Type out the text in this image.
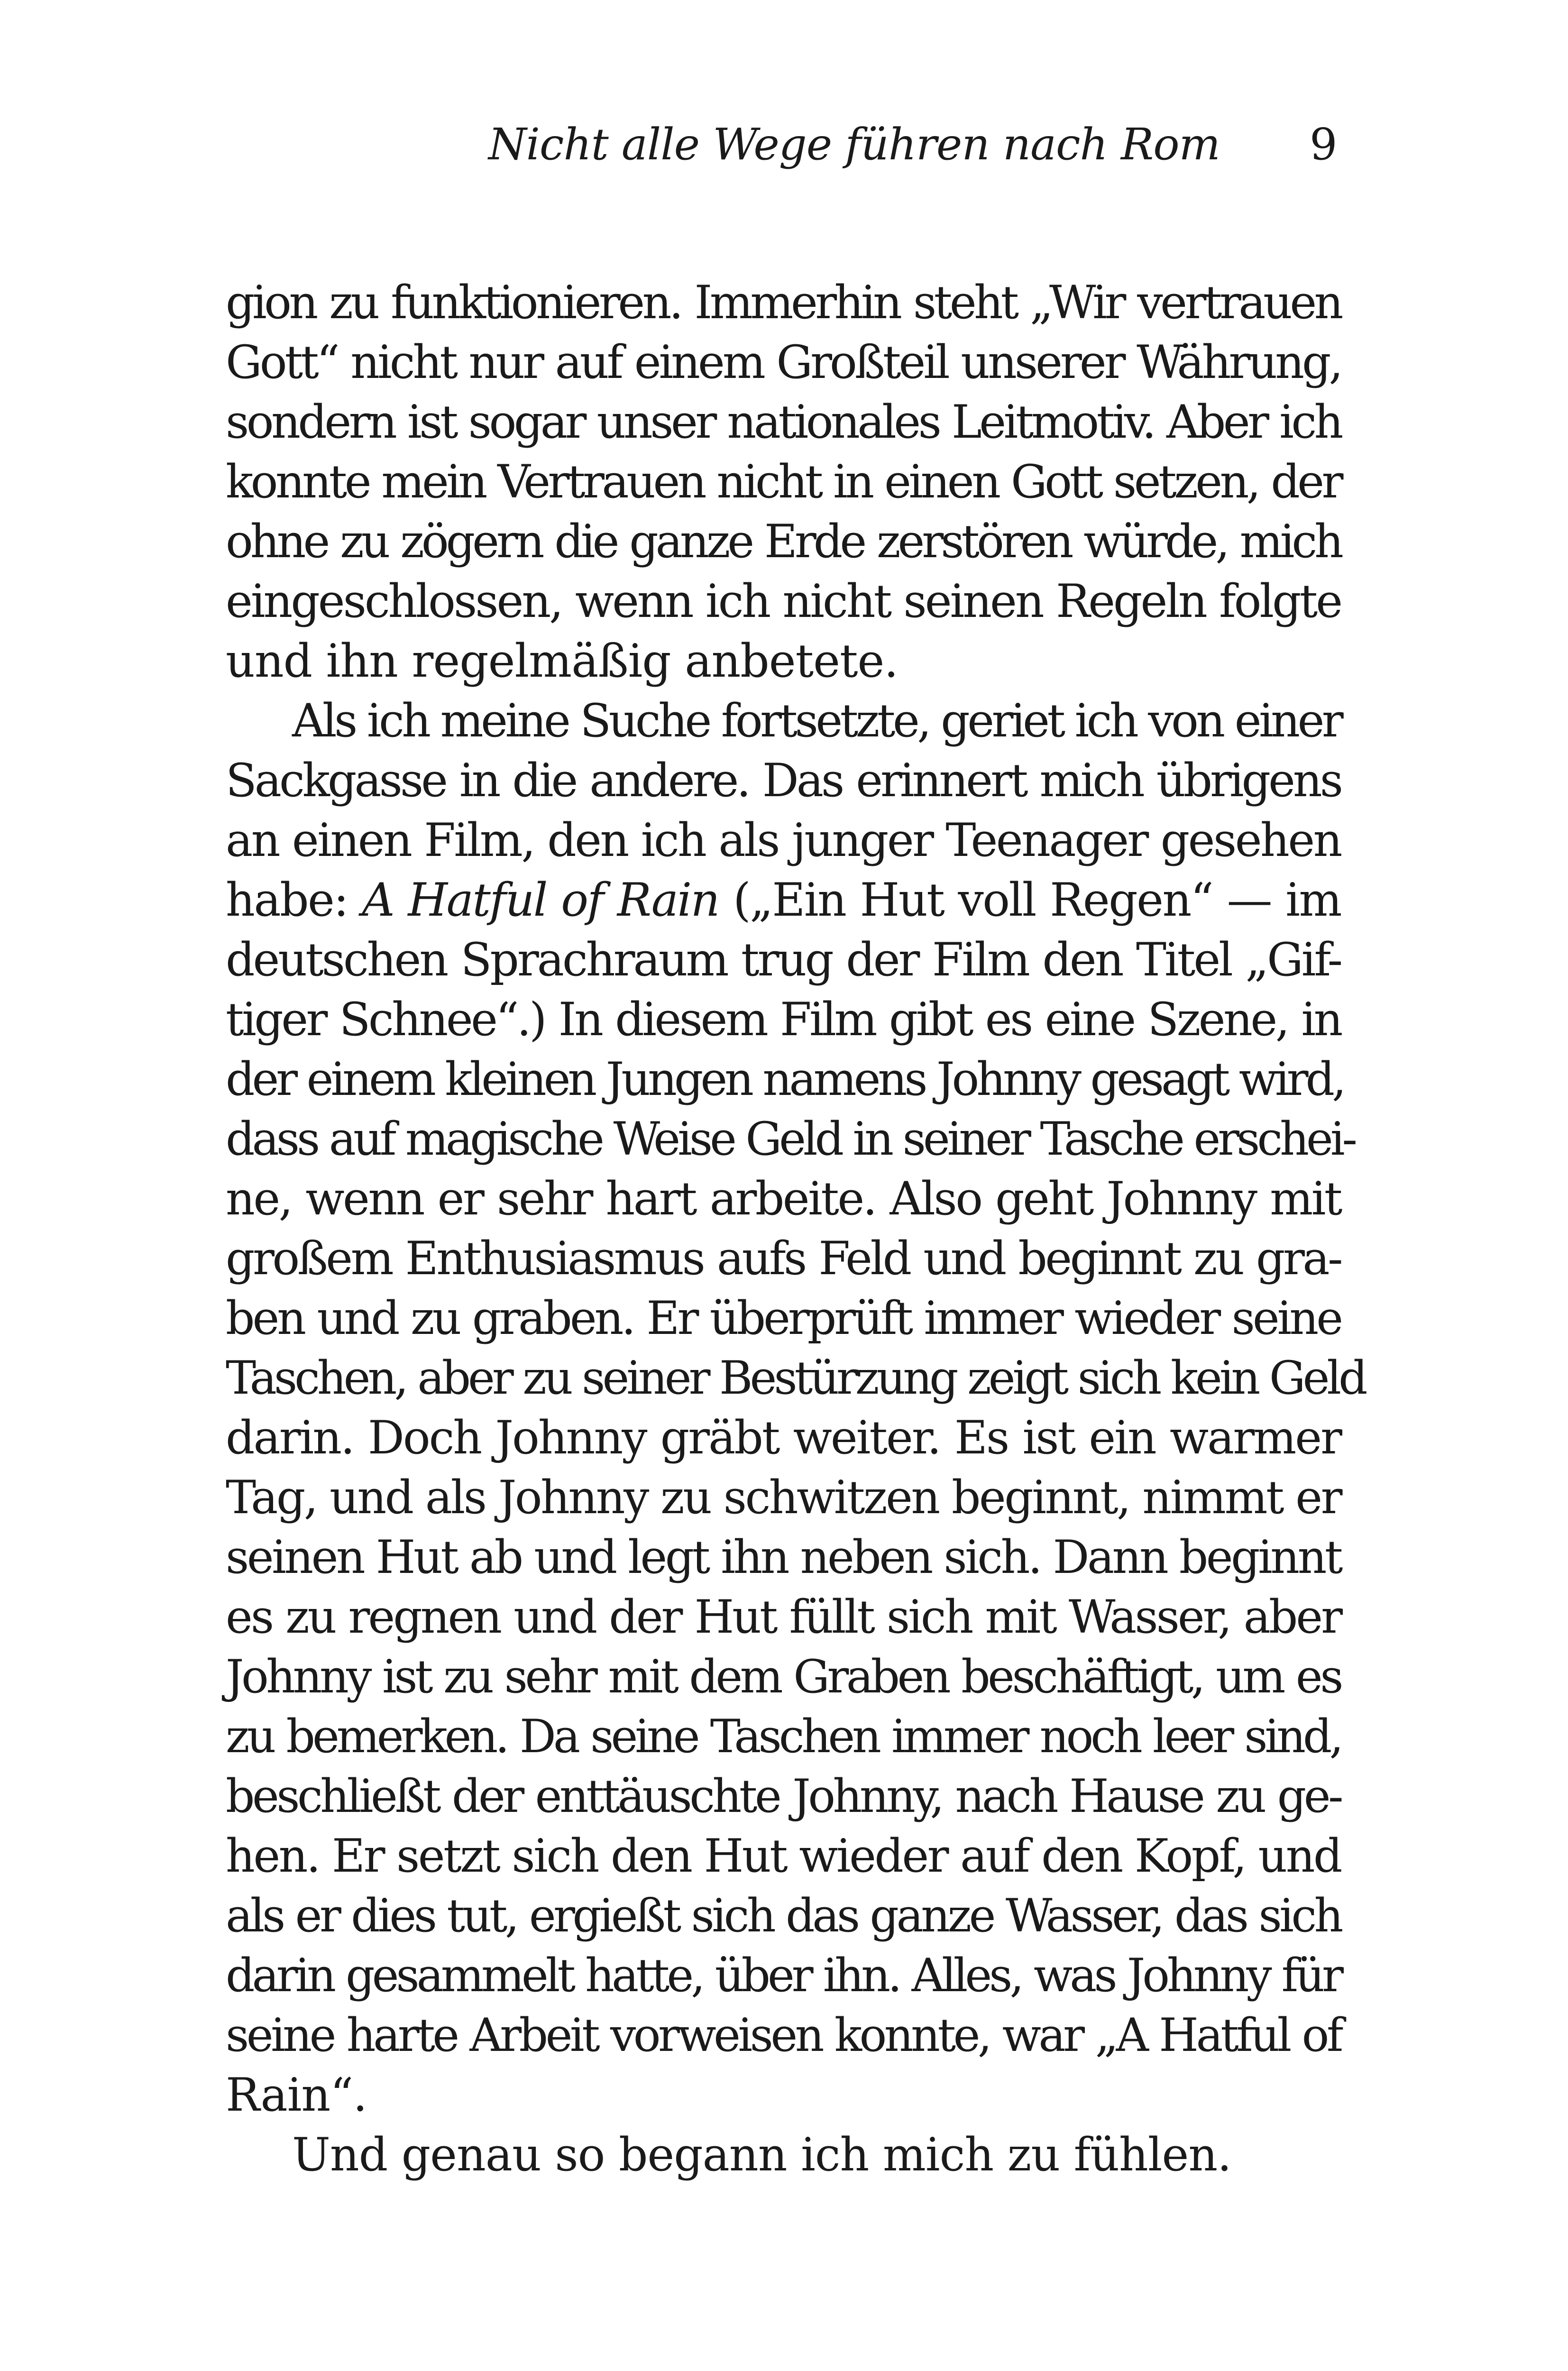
Nicht alle Wege führen nach Rom 9
gion zu funktionieren. Immerhin steht „Wir vertrauen
Gott“ nicht nur auf einem Großteil unserer Währung,
sondern ist sogar unser nationales Leitmotiv. Aber ich
konnte mein Vertrauen nicht in einen Gott setzen, der
ohne zu zögern die ganze Erde zerstören würde, mich
eingeschlossen, wenn ich nicht seinen Regeln folgte
und ihn regelmäßig anbetete.
Als ich meine Suche fortsetzte, geriet ich von einer
Sackgasse in die andere. Das erinnert mich übrigens
an einen Film, den ich als junger Teenager gesehen
habe: A Hatful of Rain („Ein Hut voll Regen“ — im
deutschen Sprachraum trug der Film den Titel „Gif-
tiger Schnee“.) In diesem Film gibt es eine Szene, in
der einem kleinen Jungen namens Johnny gesagt wird,
dass auf magische Weise Geld in seiner Tasche erschei-
ne, wenn er sehr hart arbeite. Also geht Johnny mit
großem Enthusiasmus aufs Feld und beginnt zu gra-
ben und zu graben. Er überprüft immer wieder seine
Taschen, aber zu seiner Bestürzung zeigt sich kein Geld
darin. Doch Johnny gräbt weiter. Es ist ein warmer
Tag, und als Johnny zu schwitzen beginnt, nimmt er
seinen Hut ab und legt ihn neben sich. Dann beginnt
es zu regnen und der Hut füllt sich mit Wasser, aber
Johnny ist zu sehr mit dem Graben beschäftigt, um es
zu bemerken. Da seine Taschen immer noch leer sind,
beschließt der enttäuschte Johnny, nach Hause zu ge-
hen. Er setzt sich den Hut wieder auf den Kopf, und
als er dies tut, ergießt sich das ganze Wasser, das sich
darin gesammelt hatte, über ihn. Alles, was Johnny für
seine harte Arbeit vorweisen konnte, war „A Hatful of
Rain“.
Und genau so begann ich mich zu fühlen.
